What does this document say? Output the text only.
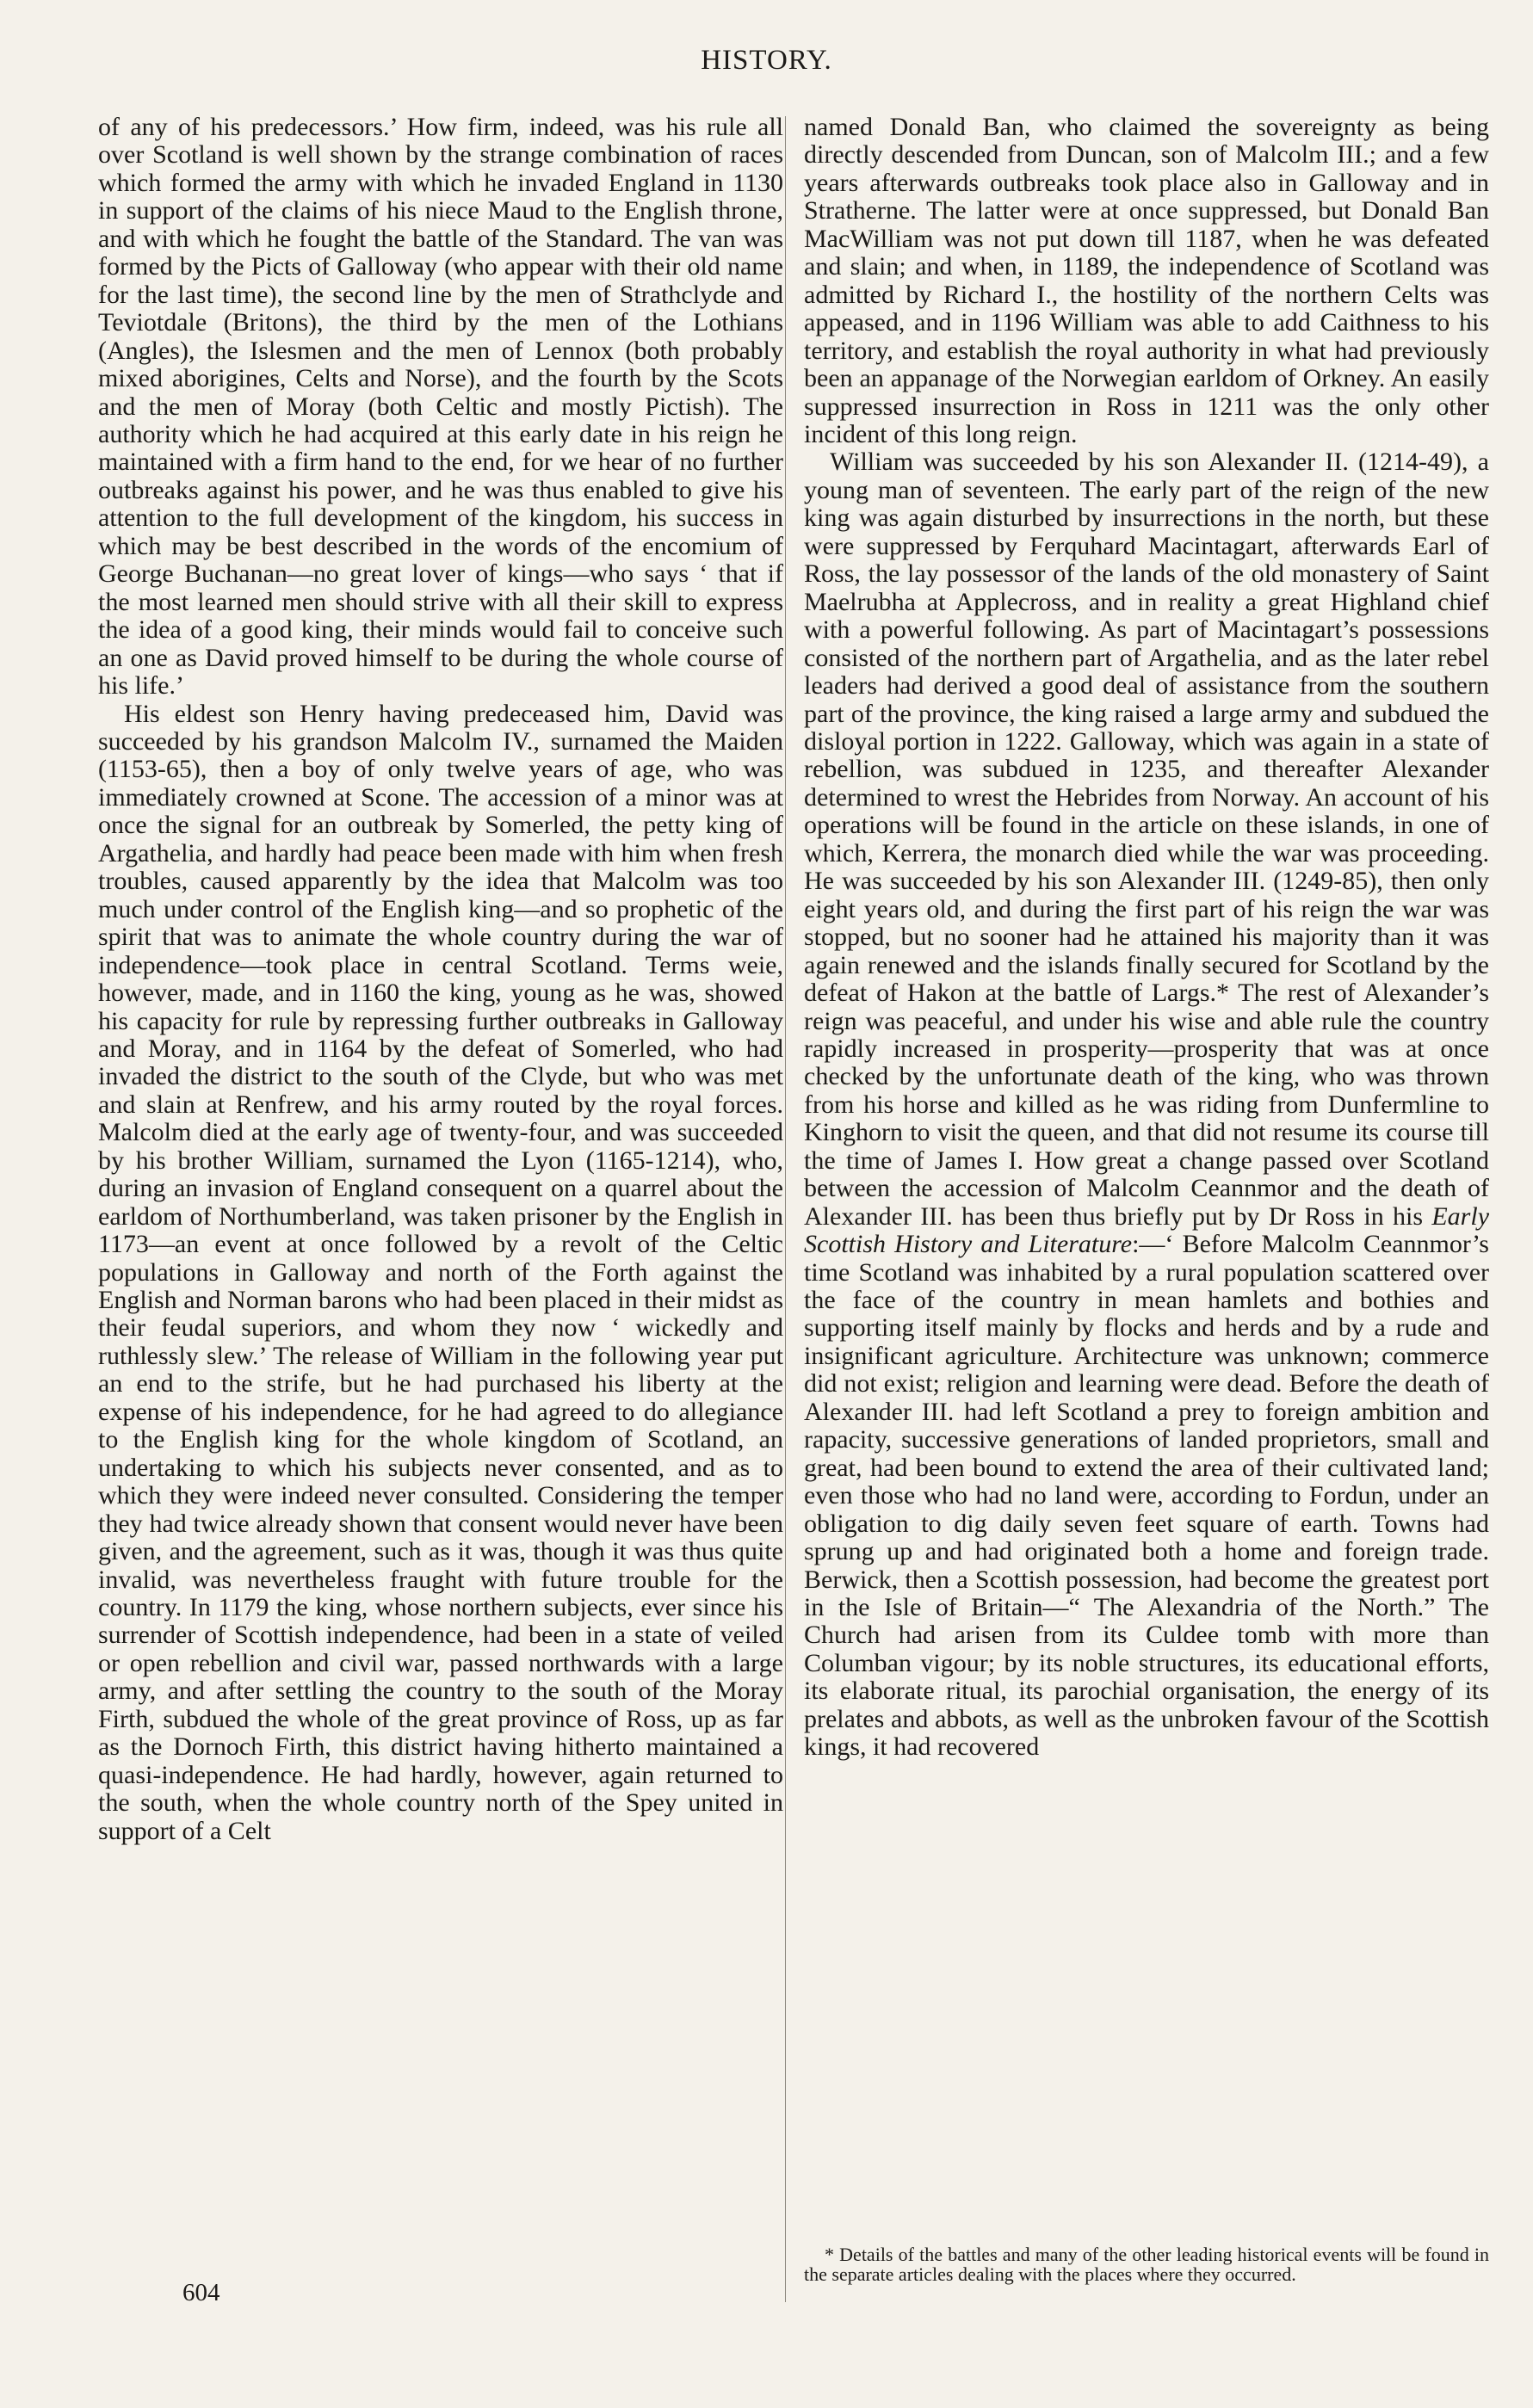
HISTORY.

of any of his predecessors.’ How firm, indeed, was his rule all over Scotland is well shown by the strange combination of races which formed the army with which he invaded England in 1130 in support of the claims of his niece Maud to the English throne, and with which he fought the battle of the Standard. The van was formed by the Picts of Galloway (who appear with their old name for the last time), the second line by the men of Strathclyde and Teviotdale (Britons), the third by the men of the Lothians (Angles), the Islesmen and the men of Lennox (both probably mixed aborigines, Celts and Norse), and the fourth by the Scots and the men of Moray (both Celtic and mostly Pictish). The authority which he had acquired at this early date in his reign he maintained with a firm hand to the end, for we hear of no further outbreaks against his power, and he was thus enabled to give his attention to the full development of the kingdom, his success in which may be best described in the words of the encomium of George Buchanan—no great lover of kings—who says ‘ that if the most learned men should strive with all their skill to express the idea of a good king, their minds would fail to conceive such an one as David proved himself to be during the whole course of his life.’

His eldest son Henry having predeceased him, David was succeeded by his grandson Malcolm IV., surnamed the Maiden (1153-65), then a boy of only twelve years of age, who was immediately crowned at Scone. The accession of a minor was at once the signal for an outbreak by Somerled, the petty king of Argathelia, and hardly had peace been made with him when fresh troubles, caused apparently by the idea that Malcolm was too much under control of the English king—and so prophetic of the spirit that was to animate the whole country during the war of independence—took place in central Scotland. Terms weie, however, made, and in 1160 the king, young as he was, showed his capacity for rule by repressing further outbreaks in Galloway and Moray, and in 1164 by the defeat of Somerled, who had invaded the district to the south of the Clyde, but who was met and slain at Renfrew, and his army routed by the royal forces. Malcolm died at the early age of twenty-four, and was succeeded by his brother William, surnamed the Lyon (1165-1214), who, during an invasion of England consequent on a quarrel about the earldom of Northumberland, was taken prisoner by the English in 1173—an event at once followed by a revolt of the Celtic populations in Galloway and north of the Forth against the English and Norman barons who had been placed in their midst as their feudal superiors, and whom they now ‘ wickedly and ruthlessly slew.’ The release of William in the following year put an end to the strife, but he had purchased his liberty at the expense of his independence, for he had agreed to do allegiance to the English king for the whole kingdom of Scotland, an undertaking to which his subjects never consented, and as to which they were indeed never consulted. Considering the temper they had twice already shown that consent would never have been given, and the agreement, such as it was, though it was thus quite invalid, was nevertheless fraught with future trouble for the country. In 1179 the king, whose northern subjects, ever since his surrender of Scottish independence, had been in a state of veiled or open rebellion and civil war, passed northwards with a large army, and after settling the country to the south of the Moray Firth, subdued the whole of the great province of Ross, up as far as the Dornoch Firth, this district having hitherto maintained a quasi-independence. He had hardly, however, again returned to the south, when the whole country north of the Spey united in support of a Celt

named Donald Ban, who claimed the sovereignty as being directly descended from Duncan, son of Malcolm III.; and a few years afterwards outbreaks took place also in Galloway and in Stratherne. The latter were at once suppressed, but Donald Ban MacWilliam was not put down till 1187, when he was defeated and slain; and when, in 1189, the independence of Scotland was admitted by Richard I., the hostility of the northern Celts was appeased, and in 1196 William was able to add Caithness to his territory, and establish the royal authority in what had previously been an appanage of the Norwegian earldom of Orkney. An easily suppressed insurrection in Ross in 1211 was the only other incident of this long reign.

William was succeeded by his son Alexander II. (1214-49), a young man of seventeen. The early part of the reign of the new king was again disturbed by insurrections in the north, but these were suppressed by Ferquhard Macintagart, afterwards Earl of Ross, the lay possessor of the lands of the old monastery of Saint Maelrubha at Applecross, and in reality a great Highland chief with a powerful following. As part of Macintagart’s possessions consisted of the northern part of Argathelia, and as the later rebel leaders had derived a good deal of assistance from the southern part of the province, the king raised a large army and subdued the disloyal portion in 1222. Galloway, which was again in a state of rebellion, was subdued in 1235, and thereafter Alexander determined to wrest the Hebrides from Norway. An account of his operations will be found in the article on these islands, in one of which, Kerrera, the monarch died while the war was proceeding. He was succeeded by his son Alexander III. (1249-85), then only eight years old, and during the first part of his reign the war was stopped, but no sooner had he attained his majority than it was again renewed and the islands finally secured for Scotland by the defeat of Hakon at the battle of Largs.* The rest of Alexander’s reign was peaceful, and under his wise and able rule the country rapidly increased in prosperity—prosperity that was at once checked by the unfortunate death of the king, who was thrown from his horse and killed as he was riding from Dunfermline to Kinghorn to visit the queen, and that did not resume its course till the time of James I. How great a change passed over Scotland between the accession of Malcolm Ceannmor and the death of Alexander III. has been thus briefly put by Dr Ross in his Early Scottish History and Literature:—‘ Before Malcolm Ceannmor’s time Scotland was inhabited by a rural population scattered over the face of the country in mean hamlets and bothies and supporting itself mainly by flocks and herds and by a rude and insignificant agriculture. Architecture was unknown; commerce did not exist; religion and learning were dead. Before the death of Alexander III. had left Scotland a prey to foreign ambition and rapacity, successive generations of landed proprietors, small and great, had been bound to extend the area of their cultivated land; even those who had no land were, according to Fordun, under an obligation to dig daily seven feet square of earth. Towns had sprung up and had originated both a home and foreign trade. Berwick, then a Scottish possession, had become the greatest port in the Isle of Britain—“ The Alexandria of the North.” The Church had arisen from its Culdee tomb with more than Columban vigour; by its noble structures, its educational efforts, its elaborate ritual, its parochial organisation, the energy of its prelates and abbots, as well as the unbroken favour of the Scottish kings, it had recovered

* Details of the battles and many of the other leading historical events will be found in the separate articles dealing with the places where they occurred.
604
